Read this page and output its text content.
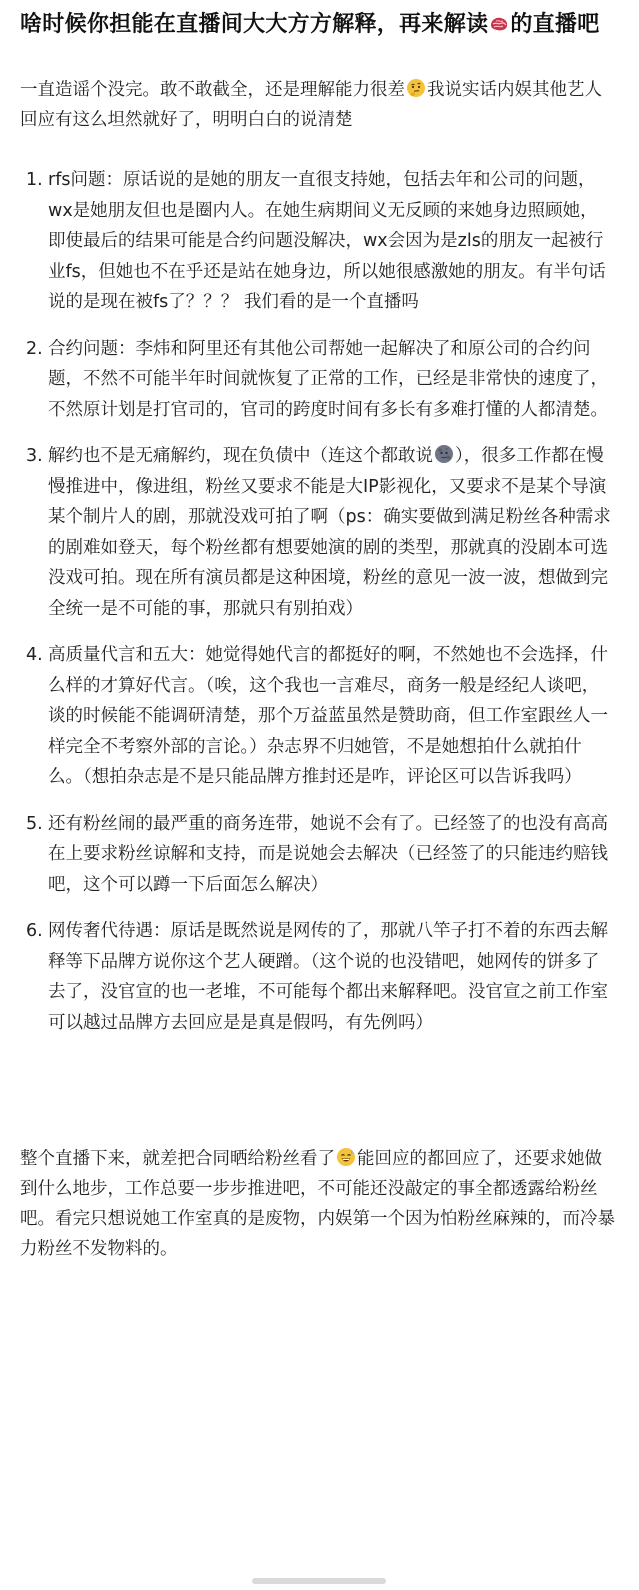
啥时候你担能在直播间大大方方解释，再来解读 的直播吧

一直造谣个没完。敢不敢截全，还是理解能力很差 我说实话内娱其他艺人回应有这么坦然就好了，明明白白的说清楚

1. rfs问题：原话说的是她的朋友一直很支持她，包括去年和公司的问题，wx是她朋友但也是圈内人。在她生病期间义无反顾的来她身边照顾她，即使最后的结果可能是合约问题没解决，wx会因为是zls的朋友一起被行业fs，但她也不在乎还是站在她身边，所以她很感激她的朋友。有半句话说的是现在被fs了？？？ 我们看的是一个直播吗
2. 合约问题：李炜和阿里还有其他公司帮她一起解决了和原公司的合约问题，不然不可能半年时间就恢复了正常的工作，已经是非常快的速度了，不然原计划是打官司的，官司的跨度时间有多长有多难打懂的人都清楚。
3. 解约也不是无痛解约，现在负债中（连这个都敢说 ），很多工作都在慢慢推进中，像进组，粉丝又要求不能是大IP影视化，又要求不是某个导演某个制片人的剧，那就没戏可拍了啊（ps：确实要做到满足粉丝各种需求的剧难如登天，每个粉丝都有想要她演的剧的类型，那就真的没剧本可选没戏可拍。现在所有演员都是这种困境，粉丝的意见一波一波，想做到完全统一是不可能的事，那就只有别拍戏）
4. 高质量代言和五大：她觉得她代言的都挺好的啊，不然她也不会选择，什么样的才算好代言。（唉，这个我也一言难尽，商务一般是经纪人谈吧，谈的时候能不能调研清楚，那个万益蓝虽然是赞助商，但工作室跟丝人一样完全不考察外部的言论。）杂志界不归她管，不是她想拍什么就拍什么。（想拍杂志是不是只能品牌方推封还是咋，评论区可以告诉我吗）
5. 还有粉丝闹的最严重的商务连带，她说不会有了。已经签了的也没有高高在上要求粉丝谅解和支持，而是说她会去解决（已经签了的只能违约赔钱吧，这个可以蹲一下后面怎么解决）
6. 网传奢代待遇：原话是既然说是网传的了，那就八竿子打不着的东西去解释等下品牌方说你这个艺人硬蹭。（这个说的也没错吧，她网传的饼多了去了，没官宣的也一老堆，不可能每个都出来解释吧。没官宣之前工作室可以越过品牌方去回应是是真是假吗，有先例吗）

整个直播下来，就差把合同晒给粉丝看了 能回应的都回应了，还要求她做到什么地步，工作总要一步步推进吧，不可能还没敲定的事全都透露给粉丝吧。看完只想说她工作室真的是废物，内娱第一个因为怕粉丝麻辣的，而冷暴力粉丝不发物料的。
